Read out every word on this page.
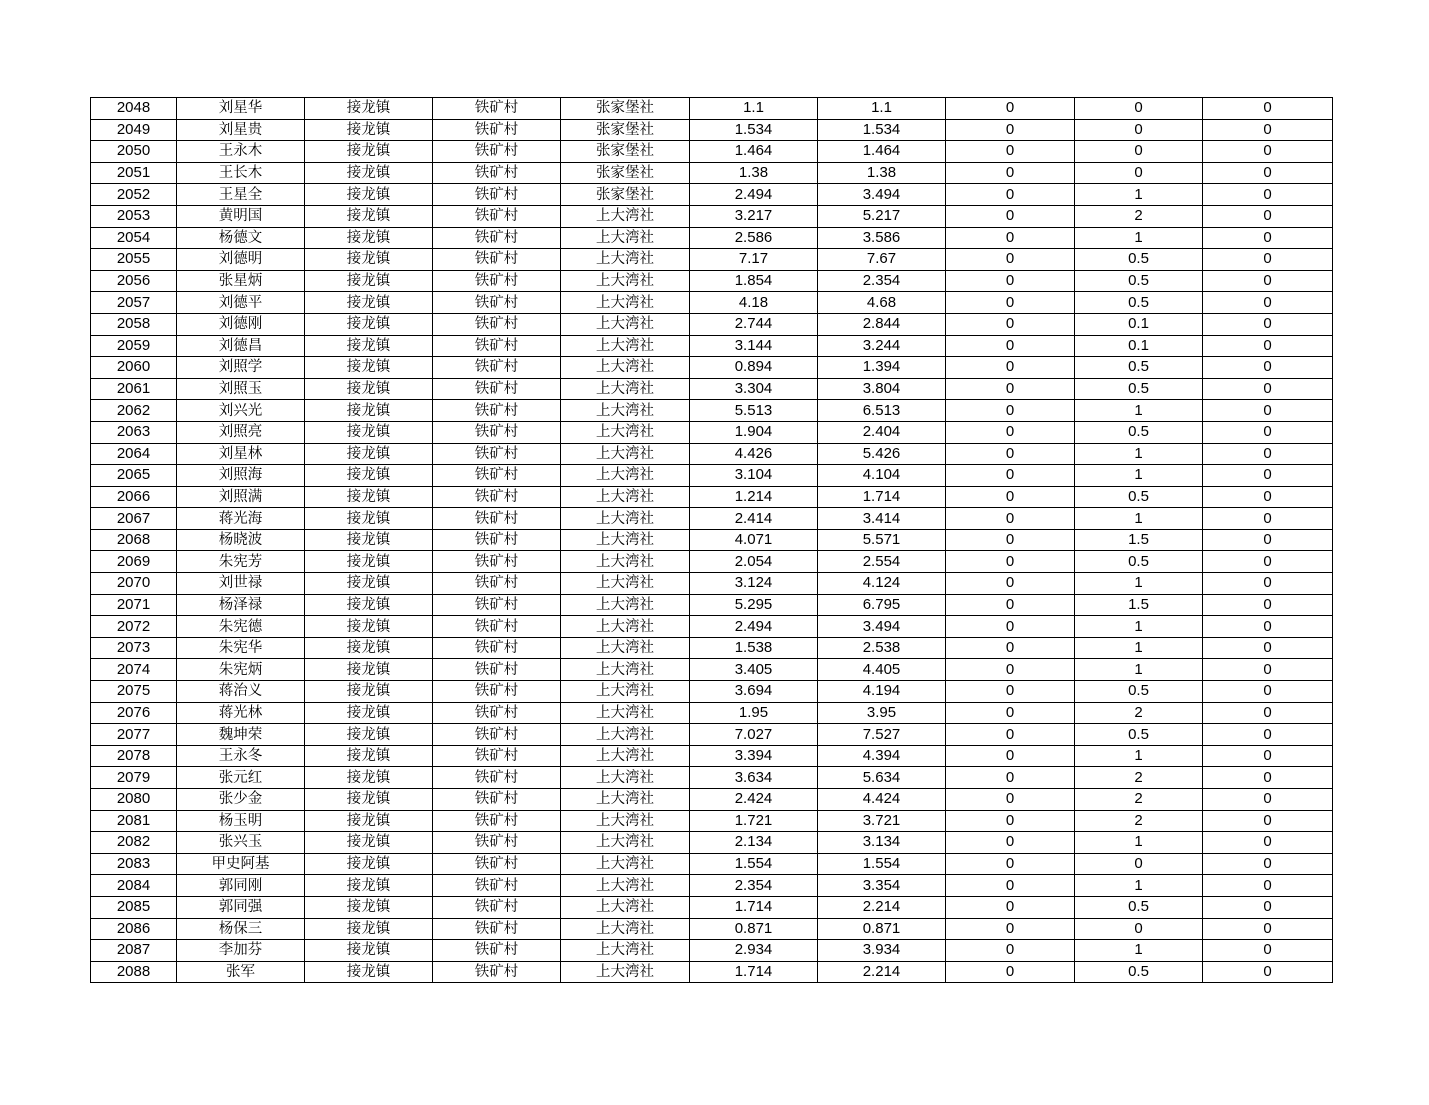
2048	刘星华	接龙镇	铁矿村	张家堡社	1.1	1.1	0	0	0
2049	刘星贵	接龙镇	铁矿村	张家堡社	1.534	1.534	0	0	0
2050	王永木	接龙镇	铁矿村	张家堡社	1.464	1.464	0	0	0
2051	王长木	接龙镇	铁矿村	张家堡社	1.38	1.38	0	0	0
2052	王星全	接龙镇	铁矿村	张家堡社	2.494	3.494	0	1	0
2053	黄明国	接龙镇	铁矿村	上大湾社	3.217	5.217	0	2	0
2054	杨德文	接龙镇	铁矿村	上大湾社	2.586	3.586	0	1	0
2055	刘德明	接龙镇	铁矿村	上大湾社	7.17	7.67	0	0.5	0
2056	张星炳	接龙镇	铁矿村	上大湾社	1.854	2.354	0	0.5	0
2057	刘德平	接龙镇	铁矿村	上大湾社	4.18	4.68	0	0.5	0
2058	刘德刚	接龙镇	铁矿村	上大湾社	2.744	2.844	0	0.1	0
2059	刘德昌	接龙镇	铁矿村	上大湾社	3.144	3.244	0	0.1	0
2060	刘照学	接龙镇	铁矿村	上大湾社	0.894	1.394	0	0.5	0
2061	刘照玉	接龙镇	铁矿村	上大湾社	3.304	3.804	0	0.5	0
2062	刘兴光	接龙镇	铁矿村	上大湾社	5.513	6.513	0	1	0
2063	刘照亮	接龙镇	铁矿村	上大湾社	1.904	2.404	0	0.5	0
2064	刘星林	接龙镇	铁矿村	上大湾社	4.426	5.426	0	1	0
2065	刘照海	接龙镇	铁矿村	上大湾社	3.104	4.104	0	1	0
2066	刘照满	接龙镇	铁矿村	上大湾社	1.214	1.714	0	0.5	0
2067	蒋光海	接龙镇	铁矿村	上大湾社	2.414	3.414	0	1	0
2068	杨晓波	接龙镇	铁矿村	上大湾社	4.071	5.571	0	1.5	0
2069	朱宪芳	接龙镇	铁矿村	上大湾社	2.054	2.554	0	0.5	0
2070	刘世禄	接龙镇	铁矿村	上大湾社	3.124	4.124	0	1	0
2071	杨泽禄	接龙镇	铁矿村	上大湾社	5.295	6.795	0	1.5	0
2072	朱宪德	接龙镇	铁矿村	上大湾社	2.494	3.494	0	1	0
2073	朱宪华	接龙镇	铁矿村	上大湾社	1.538	2.538	0	1	0
2074	朱宪炳	接龙镇	铁矿村	上大湾社	3.405	4.405	0	1	0
2075	蒋治义	接龙镇	铁矿村	上大湾社	3.694	4.194	0	0.5	0
2076	蒋光林	接龙镇	铁矿村	上大湾社	1.95	3.95	0	2	0
2077	魏坤荣	接龙镇	铁矿村	上大湾社	7.027	7.527	0	0.5	0
2078	王永冬	接龙镇	铁矿村	上大湾社	3.394	4.394	0	1	0
2079	张元红	接龙镇	铁矿村	上大湾社	3.634	5.634	0	2	0
2080	张少金	接龙镇	铁矿村	上大湾社	2.424	4.424	0	2	0
2081	杨玉明	接龙镇	铁矿村	上大湾社	1.721	3.721	0	2	0
2082	张兴玉	接龙镇	铁矿村	上大湾社	2.134	3.134	0	1	0
2083	甲史阿基	接龙镇	铁矿村	上大湾社	1.554	1.554	0	0	0
2084	郭同刚	接龙镇	铁矿村	上大湾社	2.354	3.354	0	1	0
2085	郭同强	接龙镇	铁矿村	上大湾社	1.714	2.214	0	0.5	0
2086	杨保三	接龙镇	铁矿村	上大湾社	0.871	0.871	0	0	0
2087	李加芬	接龙镇	铁矿村	上大湾社	2.934	3.934	0	1	0
2088	张军	接龙镇	铁矿村	上大湾社	1.714	2.214	0	0.5	0
